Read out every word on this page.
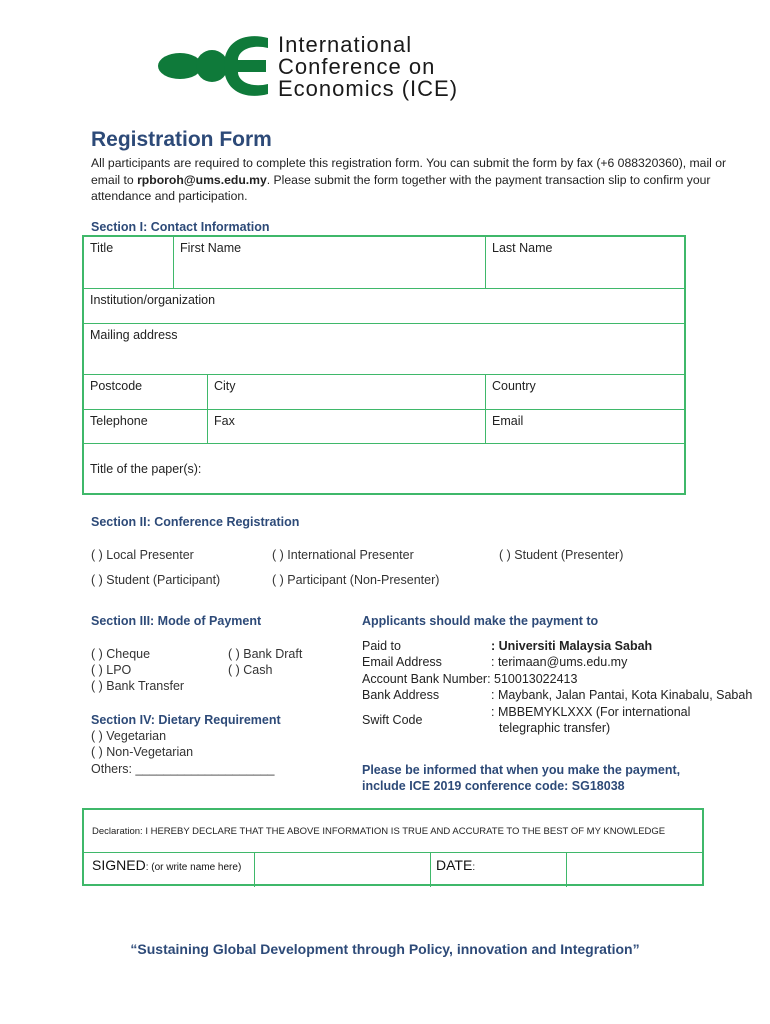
International
Conference on
Economics (ICE)
Registration Form
All participants are required to complete this registration form. You can submit the form by fax (+6 088320360), mail or email to rpboroh@ums.edu.my. Please submit the form together with the payment transaction slip to confirm your attendance and participation.
Section I: Contact Information
Title	First Name	Last Name
Institution/organization
Mailing address
Postcode	City	Country
Telephone	Fax	Email
Title of the paper(s):
Section II: Conference Registration
( ) Local Presenter	( ) International Presenter	( ) Student (Presenter)
( ) Student (Participant)	( ) Participant (Non-Presenter)
Section III: Mode of Payment
( ) Cheque
( ) LPO
( ) Bank Transfer
( ) Bank Draft
( ) Cash
Section IV: Dietary Requirement
( ) Vegetarian
( ) Non-Vegetarian
Others: ____________________
Applicants should make the payment to
Paid to	: Universiti Malaysia Sabah
Email Address	: terimaan@ums.edu.my
Account Bank Number: 510013022413
Bank Address	: Maybank, Jalan Pantai, Kota Kinabalu, Sabah
Swift Code
: MBBEMYKLXXX (For international
telegraphic transfer)
Please be informed that when you make the payment,
include ICE 2019 conference code: SG18038
Declaration: I HEREBY DECLARE THAT THE ABOVE INFORMATION IS TRUE AND ACCURATE TO THE BEST OF MY KNOWLEDGE
SIGNED: (or write name here)	DATE:
“Sustaining Global Development through Policy, innovation and Integration”
